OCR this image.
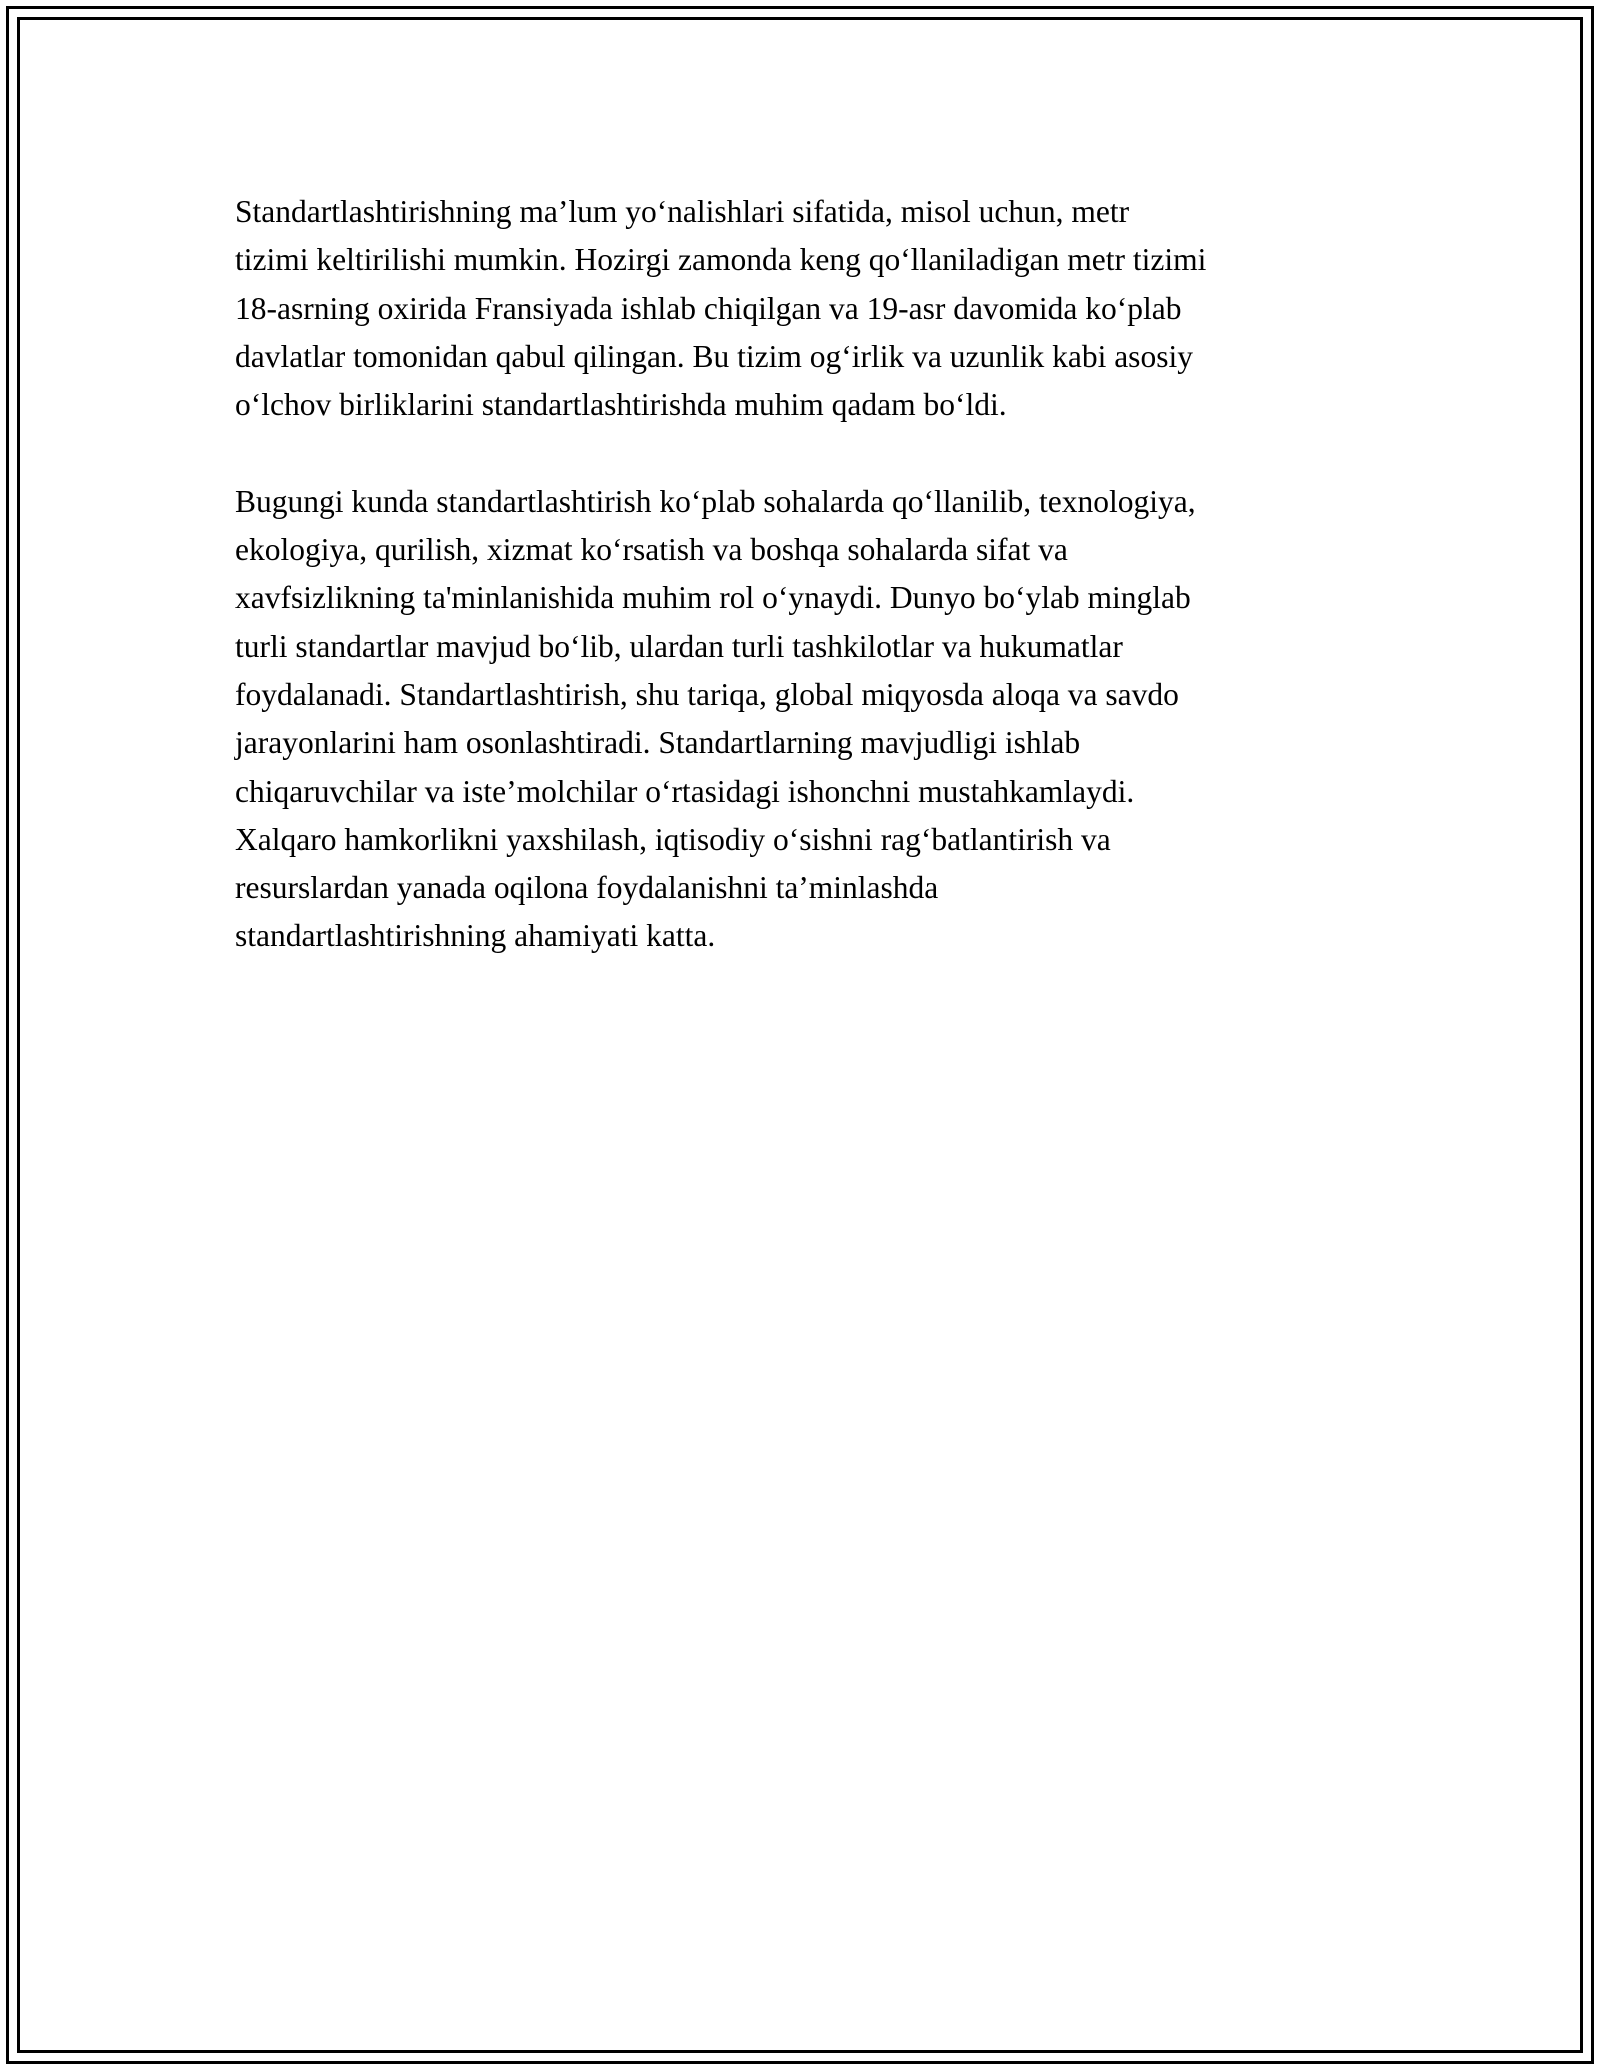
Standartlashtirishning ma’lum yo‘nalishlari sifatida, misol uchun, metr
tizimi keltirilishi mumkin. Hozirgi zamonda keng qo‘llaniladigan metr tizimi
18-asrning oxirida Fransiyada ishlab chiqilgan va 19-asr davomida ko‘plab
davlatlar tomonidan qabul qilingan. Bu tizim og‘irlik va uzunlik kabi asosiy
o‘lchov birliklarini standartlashtirishda muhim qadam bo‘ldi.

Bugungi kunda standartlashtirish ko‘plab sohalarda qo‘llanilib, texnologiya,
ekologiya, qurilish, xizmat ko‘rsatish va boshqa sohalarda sifat va
xavfsizlikning ta'minlanishida muhim rol o‘ynaydi. Dunyo bo‘ylab minglab
turli standartlar mavjud bo‘lib, ulardan turli tashkilotlar va hukumatlar
foydalanadi. Standartlashtirish, shu tariqa, global miqyosda aloqa va savdo
jarayonlarini ham osonlashtiradi. Standartlarning mavjudligi ishlab
chiqaruvchilar va iste’molchilar o‘rtasidagi ishonchni mustahkamlaydi.
Xalqaro hamkorlikni yaxshilash, iqtisodiy o‘sishni rag‘batlantirish va
resurslardan yanada oqilona foydalanishni ta’minlashda
standartlashtirishning ahamiyati katta.
